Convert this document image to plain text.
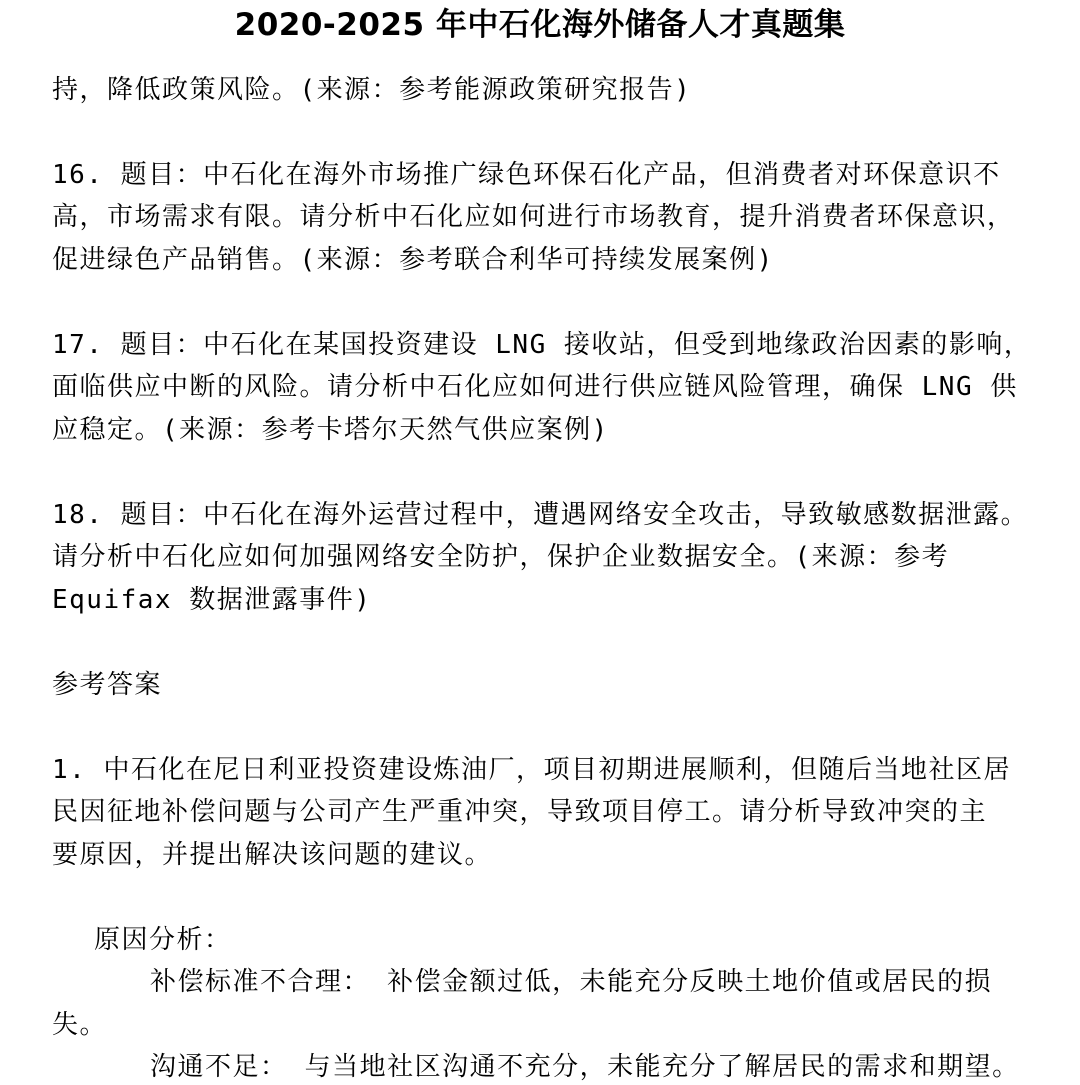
2020-2025 年中石化海外储备人才真题集
持，降低政策风险。(来源：参考能源政策研究报告)
16. 题目：中石化在海外市场推广绿色环保石化产品，但消费者对环保意识不
高，市场需求有限。请分析中石化应如何进行市场教育，提升消费者环保意识，
促进绿色产品销售。(来源：参考联合利华可持续发展案例)
17. 题目：中石化在某国投资建设 LNG 接收站，但受到地缘政治因素的影响，
面临供应中断的风险。请分析中石化应如何进行供应链风险管理，确保 LNG 供
应稳定。(来源：参考卡塔尔天然气供应案例)
18. 题目：中石化在海外运营过程中，遭遇网络安全攻击，导致敏感数据泄露。
请分析中石化应如何加强网络安全防护，保护企业数据安全。(来源：参考
Equifax 数据泄露事件)
参考答案
1. 中石化在尼日利亚投资建设炼油厂，项目初期进展顺利，但随后当地社区居
民因征地补偿问题与公司产生严重冲突，导致项目停工。请分析导致冲突的主
要原因，并提出解决该问题的建议。
原因分析：
补偿标准不合理： 补偿金额过低，未能充分反映土地价值或居民的损
失。
沟通不足： 与当地社区沟通不充分，未能充分了解居民的需求和期望。
